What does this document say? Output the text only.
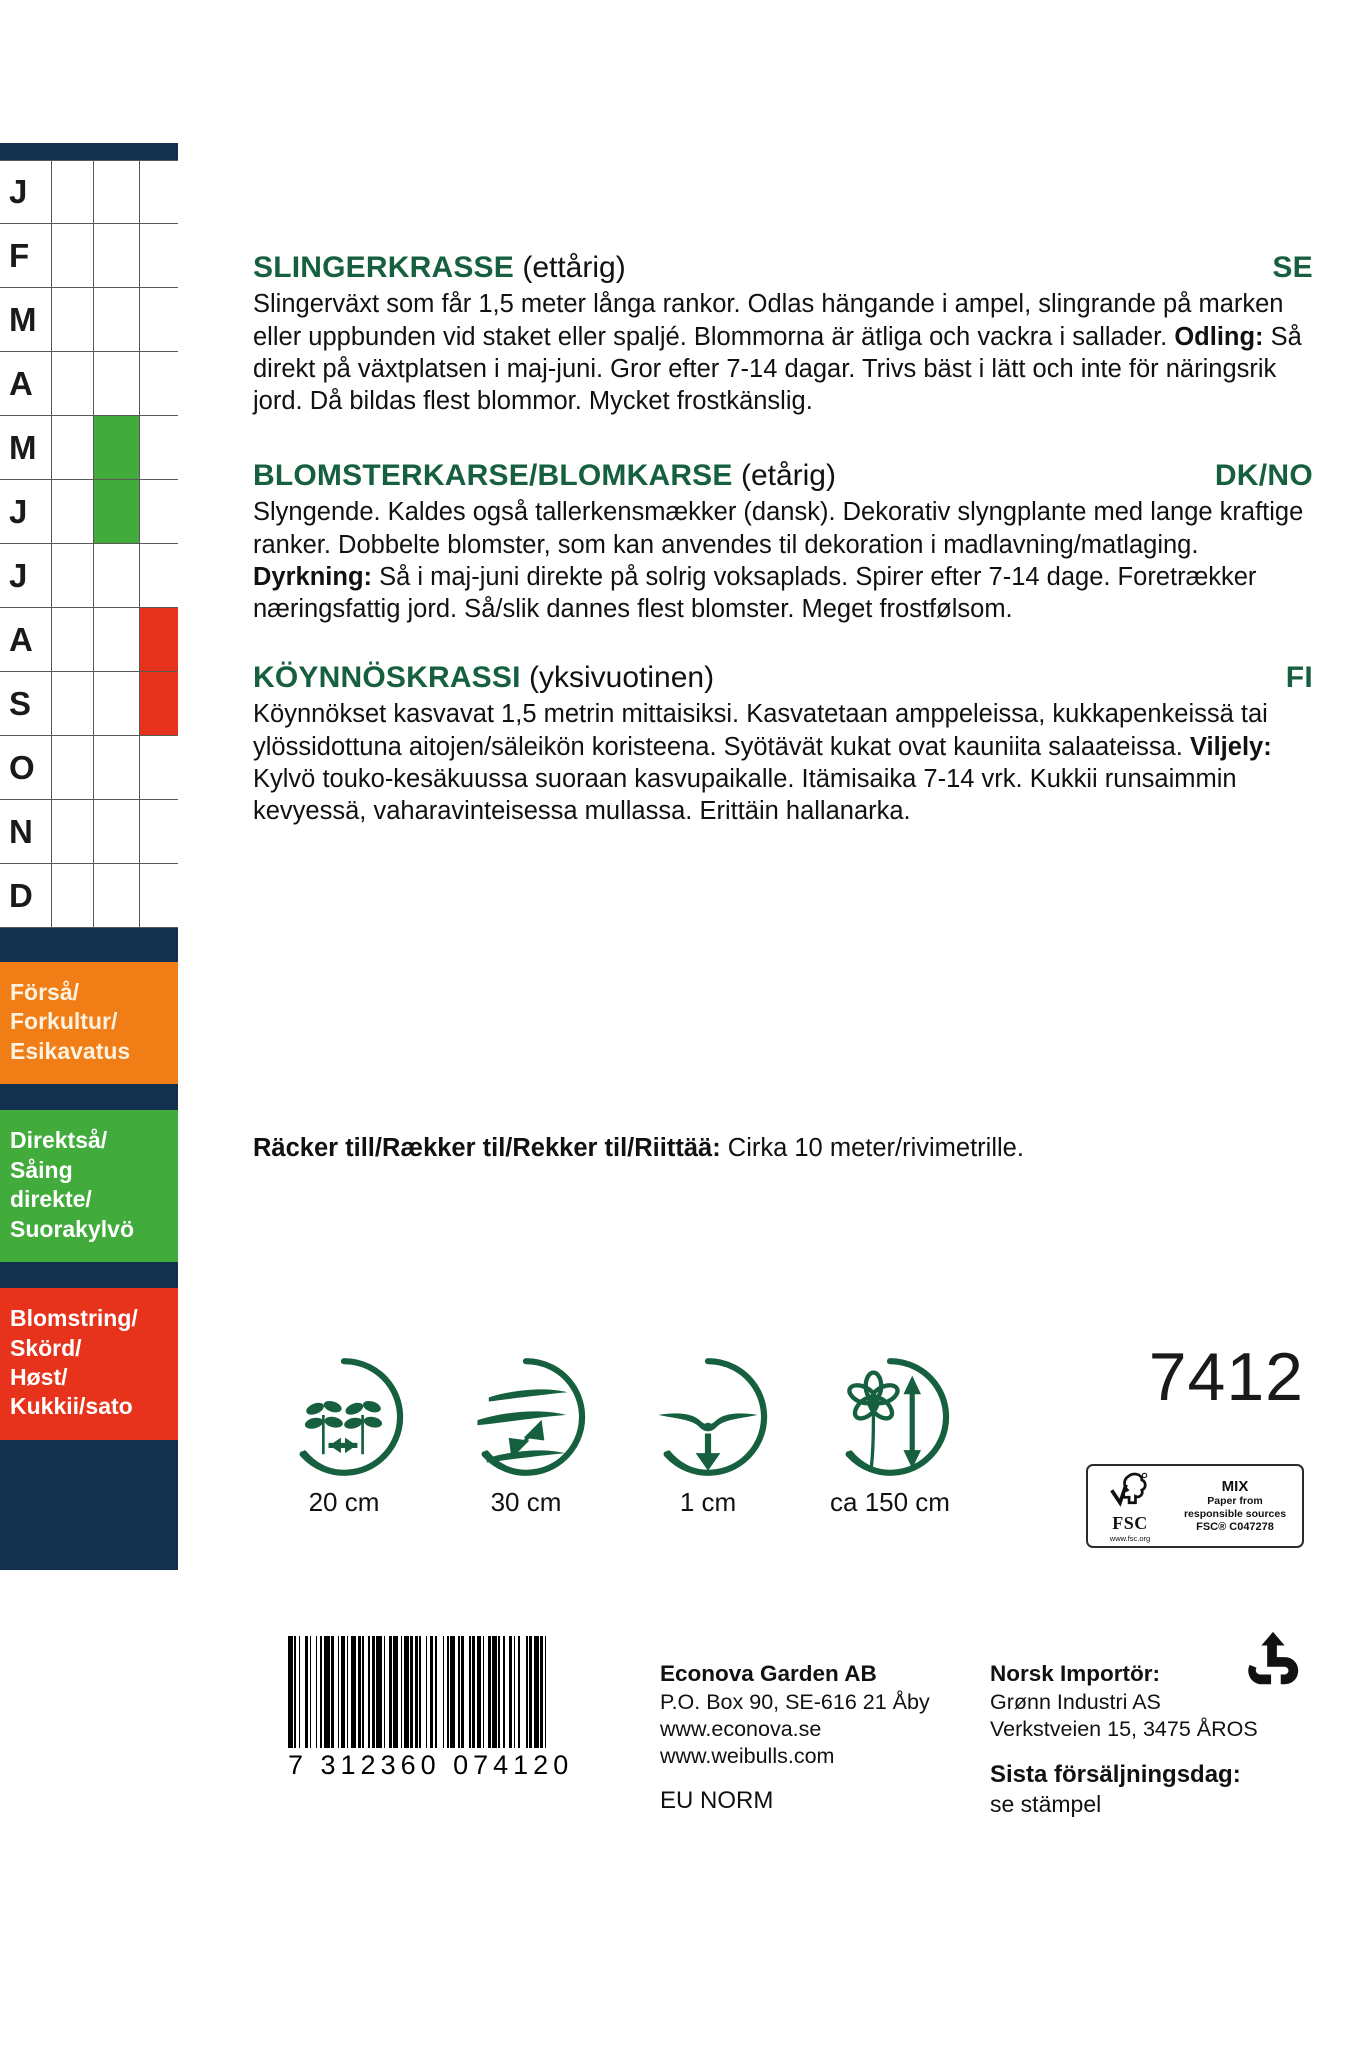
J
F
M
A
M
J
J
A
S
O
N
D
Förså/
Forkultur/
Esikavatus
Direktså/
Såing
direkte/
Suorakylvö
Blomstring/
Skörd/
Høst/
Kukkii/sato
SLINGERKRASSE (ettårig)	SE
Slingerväxt som får 1,5 meter långa rankor. Odlas hängande i ampel, slingrande på marken eller uppbunden vid staket eller spaljé. Blommorna är ätliga och vackra i sallader. Odling: Så direkt på växtplatsen i maj-juni. Gror efter 7-14 dagar. Trivs bäst i lätt och inte för näringsrik jord. Då bildas flest blommor. Mycket frostkänslig.
BLOMSTERKARSE/BLOMKARSE (etårig)	DK/NO
Slyngende. Kaldes også tallerkensmækker (dansk). Dekorativ slyngplante med lange kraftige ranker. Dobbelte blomster, som kan anvendes til dekoration i madlavning/matlaging. Dyrkning: Så i maj-juni direkte på solrig voksaplads. Spirer efter 7-14 dage. Foretrækker næringsfattig jord. Så/slik dannes flest blomster. Meget frostfølsom.
KÖYNNÖSKRASSI (yksivuotinen)	FI
Köynnökset kasvavat 1,5 metrin mittaisiksi. Kasvatetaan amppeleissa, kukkapenkeissä tai ylössidottuna aitojen/säleikön koristeena. Syötävät kukat ovat kauniita salaateissa. Viljely: Kylvö touko-kesäkuussa suoraan kasvupaikalle. Itämisaika 7-14 vrk. Kukkii runsaimmin kevyessä, vaharavinteisessa mullassa. Erittäin hallanarka.
Räcker till/Rækker til/Rekker til/Riittää: Cirka 10 meter/rivimetrille.
20 cm	30 cm	1 cm	ca 150 cm
7412
FSC
www.fsc.org
MIX
Paper from
responsible sources
FSC® C047278
7 312360 074120
Econova Garden AB
P.O. Box 90, SE-616 21 Åby
www.econova.se
www.weibulls.com
EU NORM
Norsk Importör:
Grønn Industri AS
Verkstveien 15, 3475 ÅROS
Sista försäljningsdag:
se stämpel
